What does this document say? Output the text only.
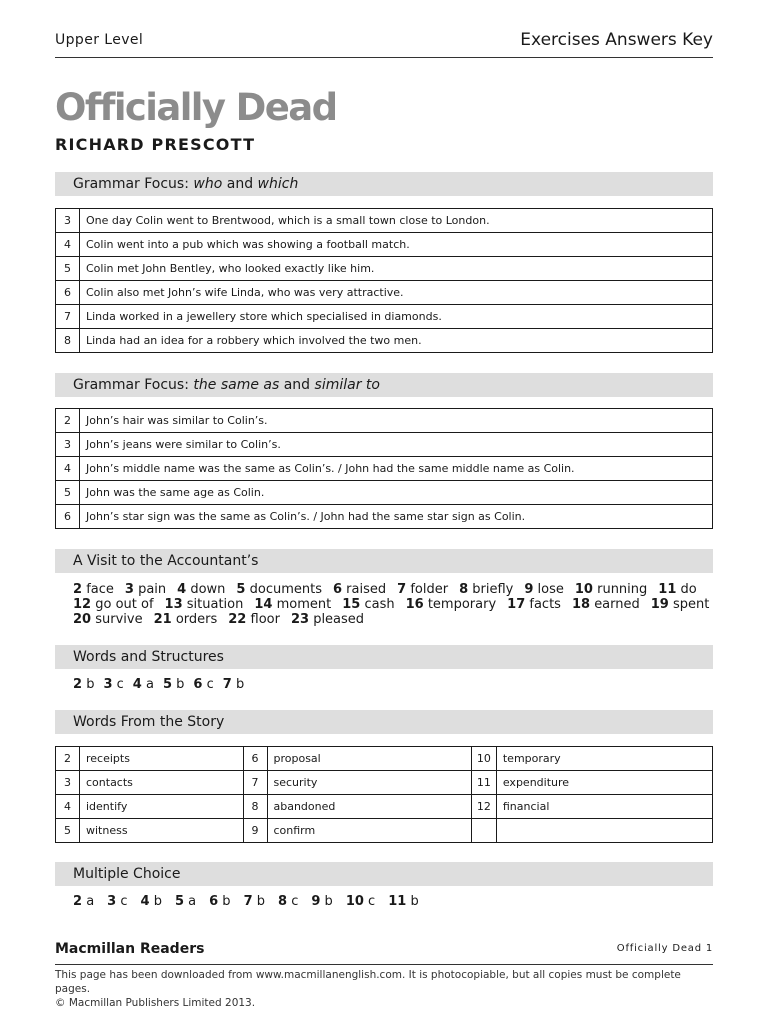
Upper Level	Exercises Answers Key
Officially Dead
RICHARD PRESCOTT
Grammar Focus: who and which
3	One day Colin went to Brentwood, which is a small town close to London.
4	Colin went into a pub which was showing a football match.
5	Colin met John Bentley, who looked exactly like him.
6	Colin also met John’s wife Linda, who was very attractive.
7	Linda worked in a jewellery store which specialised in diamonds.
8	Linda had an idea for a robbery which involved the two men.
Grammar Focus: the same as and similar to
2	John’s hair was similar to Colin’s.
3	John’s jeans were similar to Colin’s.
4	John’s middle name was the same as Colin’s. / John had the same middle name as Colin.
5	John was the same age as Colin.
6	John’s star sign was the same as Colin’s. / John had the same star sign as Colin.
A Visit to the Accountant’s
2 face 3 pain 4 down 5 documents 6 raised 7 folder 8 briefly 9 lose 10 running 11 do
12 go out of 13 situation 14 moment 15 cash 16 temporary 17 facts 18 earned 19 spent
20 survive 21 orders 22 floor 23 pleased
Words and Structures
2 b 3 c 4 a 5 b 6 c 7 b
Words From the Story
2	receipts	6	proposal	10	temporary
3	contacts	7	security	11	expenditure
4	identify	8	abandoned	12	financial
5	witness	9	confirm		
Multiple Choice
2 a 3 c 4 b 5 a 6 b 7 b 8 c 9 b 10 c 11 b
Macmillan Readers	Officially Dead 1
This page has been downloaded from www.macmillanenglish.com. It is photocopiable, but all copies must be complete pages.
© Macmillan Publishers Limited 2013.
